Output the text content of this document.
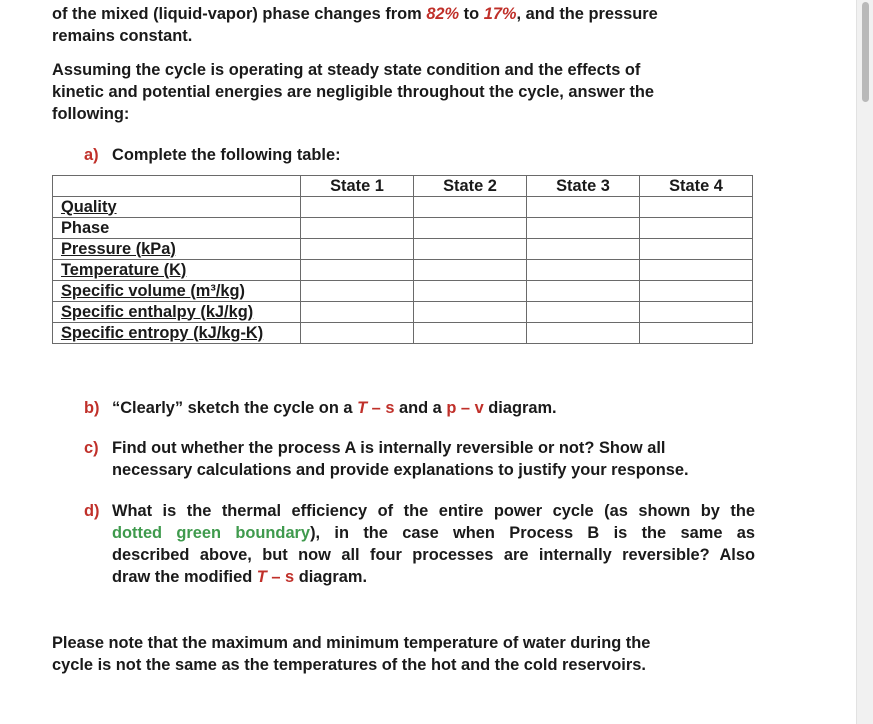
of the mixed (liquid-vapor) phase changes from 82% to 17%, and the pressure
remains constant.
Assuming the cycle is operating at steady state condition and the effects of
kinetic and potential energies are negligible throughout the cycle, answer the
following:
a) Complete the following table:
	State 1	State 2	State 3	State 4
Quality				
Phase				
Pressure (kPa)				
Temperature (K)				
Specific volume (m³/kg)				
Specific enthalpy (kJ/kg)				
Specific entropy (kJ/kg-K)				
b) “Clearly” sketch the cycle on a T – s and a p – v diagram.
c) Find out whether the process A is internally reversible or not? Show all
necessary calculations and provide explanations to justify your response.
d) What is the thermal efficiency of the entire power cycle (as shown by the
dotted green boundary), in the case when Process B is the same as
described above, but now all four processes are internally reversible? Also
draw the modified T – s diagram.
Please note that the maximum and minimum temperature of water during the
cycle is not the same as the temperatures of the hot and the cold reservoirs.
